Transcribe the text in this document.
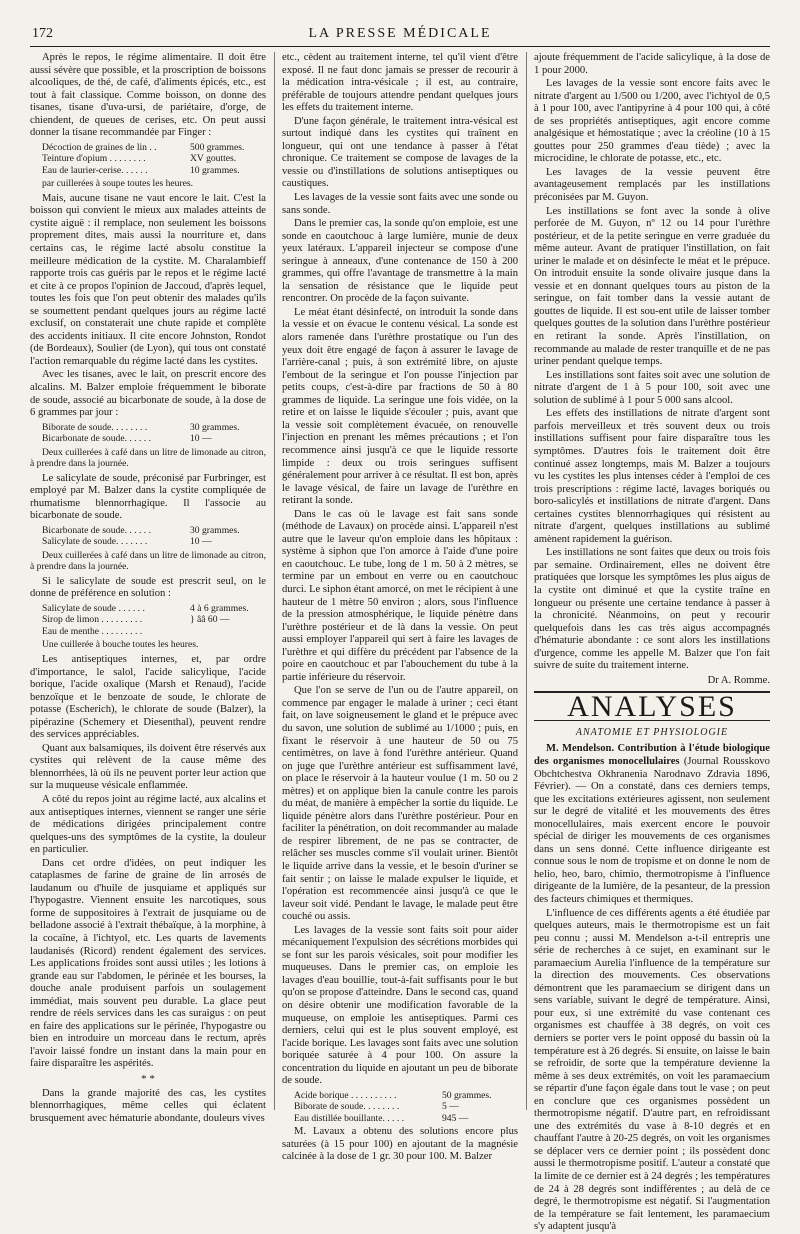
172	LA PRESSE MÉDICALE

Après le repos, le régime alimentaire. Il doit être aussi sévère que possible, et la proscription de boissons alcooliques, de thé, de café, d'aliments épicés, etc., est tout à fait classique. Comme boisson, on donne des tisanes, tisane d'uva-ursi, de pariétaire, d'orge, de chiendent, de queues de cerises, etc. On peut aussi donner la tisane recommandée par Finger :

Décoction de graines de lin . .	500 grammes.
Teinture d'opium . . . . . . . .	XV gouttes.
Eau de laurier-cerise. . . . . .	10 grammes.
par cuillerées à soupe toutes les heures.

Mais, aucune tisane ne vaut encore le lait. C'est la boisson qui convient le mieux aux malades atteints de cystite aiguë : il remplace, non seulement les boissons proprement dites, mais aussi la nourriture et, dans certains cas, le régime lacté absolu constitue la meilleure médication de la cystite. M. Charalambieff rapporte trois cas guéris par le repos et le régime lacté et cite à ce propos l'opinion de Jaccoud, d'après lequel, toutes les fois que l'on peut obtenir des malades qu'ils se soumettent pendant quelques jours au régime lacté exclusif, on constaterait une chute rapide et complète des accidents initiaux. Il cite encore Johnston, Rondot (de Bordeaux), Soulier (de Lyon), qui tous ont constaté l'action remarquable du régime lacté dans les cystites.

Avec les tisanes, avec le lait, on prescrit encore des alcalins. M. Balzer emploie fréquemment le biborate de soude, associé au bicarbonate de soude, à la dose de 6 grammes par jour :

Biborate de soude. . . . . . . .	30 grammes.
Bicarbonate de soude. . . . . .	10 —
Deux cuillerées à café dans un litre de limonade au citron, à prendre dans la journée.

Le salicylate de soude, préconisé par Furbringer, est employé par M. Balzer dans la cystite compliquée de rhumatisme blennorrhagique. Il l'associe au bicarbonate de soude.

Bicarbonate de soude. . . . . .	30 grammes.
Salicylate de soude. . . . . . .	10 —
Deux cuillerées à café dans un litre de limonade au citron, à prendre dans la journée.

Si le salicylate de soude est prescrit seul, on le donne de préférence en solution :

Salicylate de soude . . . . . .	4 à 6 grammes.
Sirop de limon . . . . . . . . .	} ââ 60 —
Eau de menthe . . . . . . . . .
Une cuillerée à bouche toutes les heures.

Les antiseptiques internes, et, par ordre d'importance, le salol, l'acide salicylique, l'acide borique, l'acide oxalique (Marsh et Renaud), l'acide benzoïque et le benzoate de soude, le chlorate de potasse (Escherich), le chlorate de soude (Balzer), la pipérazine (Schemery et Diesenthal), peuvent rendre des services appréciables.

Quant aux balsamiques, ils doivent être réservés aux cystites qui relèvent de la cause même des blennorrhées, là où ils ne peuvent porter leur action que sur la muqueuse vésicale enflammée.

A côté du repos joint au régime lacté, aux alcalins et aux antiseptiques internes, viennent se ranger une série de médications dirigées principalement contre quelques-uns des symptômes de la cystite, la douleur en particulier.

Dans cet ordre d'idées, on peut indiquer les cataplasmes de farine de graine de lin arrosés de laudanum ou d'huile de jusquiame et appliqués sur l'hypogastre. Viennent ensuite les narcotiques, sous forme de suppositoires à l'extrait de jusquiame ou de belladone associé à l'extrait thébaïque, à la morphine, à la cocaïne, à l'ichtyol, etc. Les quarts de lavements laudanisés (Ricord) rendent également des services. Les applications froides sont aussi utiles ; les lotions à grande eau sur l'abdomen, le périnée et les bourses, la douche anale produisent parfois un soulagement immédiat, mais souvent peu durable. La glace peut rendre de réels services dans les cas suraigus : on peut en faire des applications sur le périnée, l'hypogastre ou bien en introduire un morceau dans le rectum, après l'avoir laissé fondre un instant dans la main pour en faire disparaître les aspérités.

* *

Dans la grande majorité des cas, les cystites blennorrhagiques, même celles qui éclatent brusquement avec hématurie abondante, douleurs vives

etc., cèdent au traitement interne, tel qu'il vient d'être exposé. Il ne faut donc jamais se presser de recourir à la médication intra-vésicale ; il est, au contraire, préférable de toujours attendre pendant quelques jours les effets du traitement interne.

D'une façon générale, le traitement intra-vésical est surtout indiqué dans les cystites qui traînent en longueur, qui ont une tendance à passer à l'état chronique. Ce traitement se compose de lavages de la vessie ou d'instillations de solutions antiseptiques ou caustiques.

Les lavages de la vessie sont faits avec une sonde ou sans sonde.

Dans le premier cas, la sonde qu'on emploie, est une sonde en caoutchouc à large lumière, munie de deux yeux latéraux. L'appareil injecteur se compose d'une seringue à anneaux, d'une contenance de 150 à 200 grammes, qui offre l'avantage de transmettre à la main la sensation de résistance que le liquide peut rencontrer. On procède de la façon suivante.

Le méat étant désinfecté, on introduit la sonde dans la vessie et on évacue le contenu vésical. La sonde est alors ramenée dans l'urèthre prostatique ou l'un des yeux doit être engagé de façon à assurer le lavage de l'arrière-canal ; puis, à son extrémité libre, on ajuste l'embout de la seringue et l'on pousse l'injection par petits coups, c'est-à-dire par fractions de 50 à 80 grammes de liquide. La seringue une fois vidée, on la retire et on laisse le liquide s'écouler ; puis, avant que la vessie soit complètement évacuée, on renouvelle l'injection en prenant les mêmes précautions ; et l'on recommence ainsi jusqu'à ce que le liquide ressorte limpide : deux ou trois seringues suffisent généralement pour arriver à ce résultat. Il est bon, après le lavage vésical, de faire un lavage de l'urèthre en retirant la sonde.

Dans le cas où le lavage est fait sans sonde (méthode de Lavaux) on procède ainsi. L'appareil n'est autre que le laveur qu'on emploie dans les hôpitaux : système à siphon que l'on amorce à l'aide d'une poire en caoutchouc. Le tube, long de 1 m. 50 à 2 mètres, se termine par un embout en verre ou en caoutchouc durci. Le siphon étant amorcé, on met le récipient à une hauteur de 1 mètre 50 environ ; alors, sous l'influence de la pression atmosphérique, le liquide pénètre dans l'urèthre postérieur et de là dans la vessie. On peut aussi employer l'appareil qui sert à faire les lavages de l'urèthre et qui diffère du précédent par l'absence de la poire en caoutchouc et par l'abouchement du tube à la partie inférieure du réservoir.

Que l'on se serve de l'un ou de l'autre appareil, on commence par engager le malade à uriner ; ceci étant fait, on lave soigneusement le gland et le prépuce avec du savon, une solution de sublimé au 1/1000 ; puis, en fixant le réservoir à une hauteur de 50 ou 75 centimètres, on lave à fond l'urèthre antérieur. Quand on juge que l'urèthre antérieur est suffisamment lavé, on place le réservoir à la hauteur voulue (1 m. 50 ou 2 mètres) et on applique bien la canule contre les parois du méat, de manière à empêcher la sortie du liquide. Le liquide pénètre alors dans l'urèthre postérieur. Pour en faciliter la pénétration, on doit recommander au malade de respirer librement, de ne pas se contracter, de relâcher ses muscles comme s'il voulait uriner. Bientôt le liquide arrive dans la vessie, et le besoin d'uriner se fait sentir ; on laisse le malade expulser le liquide, et l'opération est recommencée ainsi jusqu'à ce que le laveur soit vidé. Pendant le lavage, le malade peut être couché ou assis.

Les lavages de la vessie sont faits soit pour aider mécaniquement l'expulsion des sécrétions morbides qui se font sur les parois vésicales, soit pour modifier les muqueuses. Dans le premier cas, on emploie les lavages d'eau bouillie, tout-à-fait suffisants pour le but qu'on se propose d'atteindre. Dans le second cas, quand on désire obtenir une modification favorable de la muqueuse, on emploie les antiseptiques. Parmi ces derniers, celui qui est le plus souvent employé, est l'acide borique. Les lavages sont faits avec une solution boriquée saturée à 4 pour 100. On assure la concentration du liquide en ajoutant un peu de biborate de soude.

Acide borique . . . . . . . . . .	50 grammes.
Biborate de soude. . . . . . . .	5 —
Eau distillée bouillante. . . . .	945 —

M. Lavaux a obtenu des solutions encore plus saturées (à 15 pour 100) en ajoutant de la magnésie calcinée à la dose de 1 gr. 30 pour 100. M. Balzer

ajoute fréquemment de l'acide salicylique, à la dose de 1 pour 2000.

Les lavages de la vessie sont encore faits avec le nitrate d'argent au 1/500 ou 1/200, avec l'ichtyol de 0,5 à 1 pour 100, avec l'antipyrine à 4 pour 100 qui, à côté de ses propriétés antiseptiques, agit encore comme analgésique et hémostatique ; avec la créoline (10 à 15 gouttes pour 250 grammes d'eau tiède) ; avec la microcidine, le chlorate de potasse, etc., etc.

Les lavages de la vessie peuvent être avantageusement remplacés par les instillations préconisées par M. Guyon.

Les instillations se font avec la sonde à olive perforée de M. Guyon, nº 12 ou 14 pour l'urèthre postérieur, et de la petite seringue en verre graduée du même auteur. Avant de pratiquer l'instillation, on fait uriner le malade et on désinfecte le méat et le prépuce. On introduit ensuite la sonde olivaire jusque dans la vessie et en donnant quelques tours au piston de la seringue, on fait tomber dans la vessie autant de gouttes de liquide. Il est sou-ent utile de laisser tomber quelques gouttes de la solution dans l'urèthre postérieur en retirant la sonde. Après l'instillation, on recommande au malade de rester tranquille et de ne pas uriner pendant quelque temps.

Les instillations sont faites soit avec une solution de nitrate d'argent de 1 à 5 pour 100, soit avec une solution de sublimé à 1 pour 5 000 sans alcool.

Les effets des instillations de nitrate d'argent sont parfois merveilleux et très souvent deux ou trois instillations suffisent pour faire disparaître tous les symptômes. D'autres fois le traitement doit être continué assez longtemps, mais M. Balzer a toujours vu les cystites les plus intenses céder à l'emploi de ces trois prescriptions : régime lacté, lavages boriqués ou boro-salicylés et instillations de nitrate d'argent. Dans certaines cystites blennorrhagiques qui résistent au nitrate d'argent, quelques instillations au sublimé amènent rapidement la guérison.

Les instillations ne sont faites que deux ou trois fois par semaine. Ordinairement, elles ne doivent être pratiquées que lorsque les symptômes les plus aigus de la cystite ont diminué et que la cystite traîne en longueur ou présente une certaine tendance à passer à la chronicité. Néanmoins, on peut y recourir quelquefois dans les cas très aigus accompagnés d'hématurie abondante : ce sont alors les instillations d'urgence, comme les appelle M. Balzer que l'on fait suivre de suite du traitement interne.

Dr A. Romme.
ANALYSES
ANATOMIE ET PHYSIOLOGIE

M. Mendelson. Contribution à l'étude biologique des organismes monocellulaires (Journal Rousskovo Obchtchestva Okhranenia Narodnavo Zdravia 1896, Février). — On a constaté, dans ces derniers temps, que les excitations extérieures agissent, non seulement sur le degré de vitalité et les mouvements des êtres monocellulaires, mais exercent encore le pouvoir spécial de diriger les mouvements de ces organismes dans un sens donné. Cette influence dirigeante est connue sous le nom de tropisme et on donne le nom de helio, heo, baro, chimio, thermotropisme à l'influence dirigeante de la lumière, de la pesanteur, de la pression des facteurs chimiques et thermiques.

L'influence de ces différents agents a été étudiée par quelques auteurs, mais le thermotropisme est un fait peu connu ; aussi M. Mendelson a-t-il entrepris une série de recherches à ce sujet, en examinant sur le paramaecium Aurelia l'influence de la température sur la direction des mouvements. Ces observations démontrent que les paramaecium se dirigent dans un sens variable, suivant le degré de température. Ainsi, pour eux, si une extrémité du vase contenant ces organismes est chauffée à 38 degrés, on voit ces derniers se porter vers le point opposé du bassin où la température est à 26 degrés. Si ensuite, on laisse le bain se refroidir, de sorte que la température devienne la même à ses deux extrémités, on voit les paramaecium se répartir d'une façon égale dans tout le vase ; on peut en conclure que ces organismes possèdent un thermotropisme négatif. D'autre part, en refroidissant une des extrémités du vase à 8-10 degrés et en chauffant l'autre à 20-25 degrés, on voit les organismes se déplacer vers ce dernier point ; ils possèdent donc aussi le thermotropisme positif. L'auteur a constaté que la limite de ce dernier est à 24 degrés ; les températures de 24 à 28 degrés sont indifférentes ; au delà de ce degré, le thermotropisme est négatif. Si l'augmentation de la température se fait lentement, les paramaecium s'y adaptent jusqu'à
